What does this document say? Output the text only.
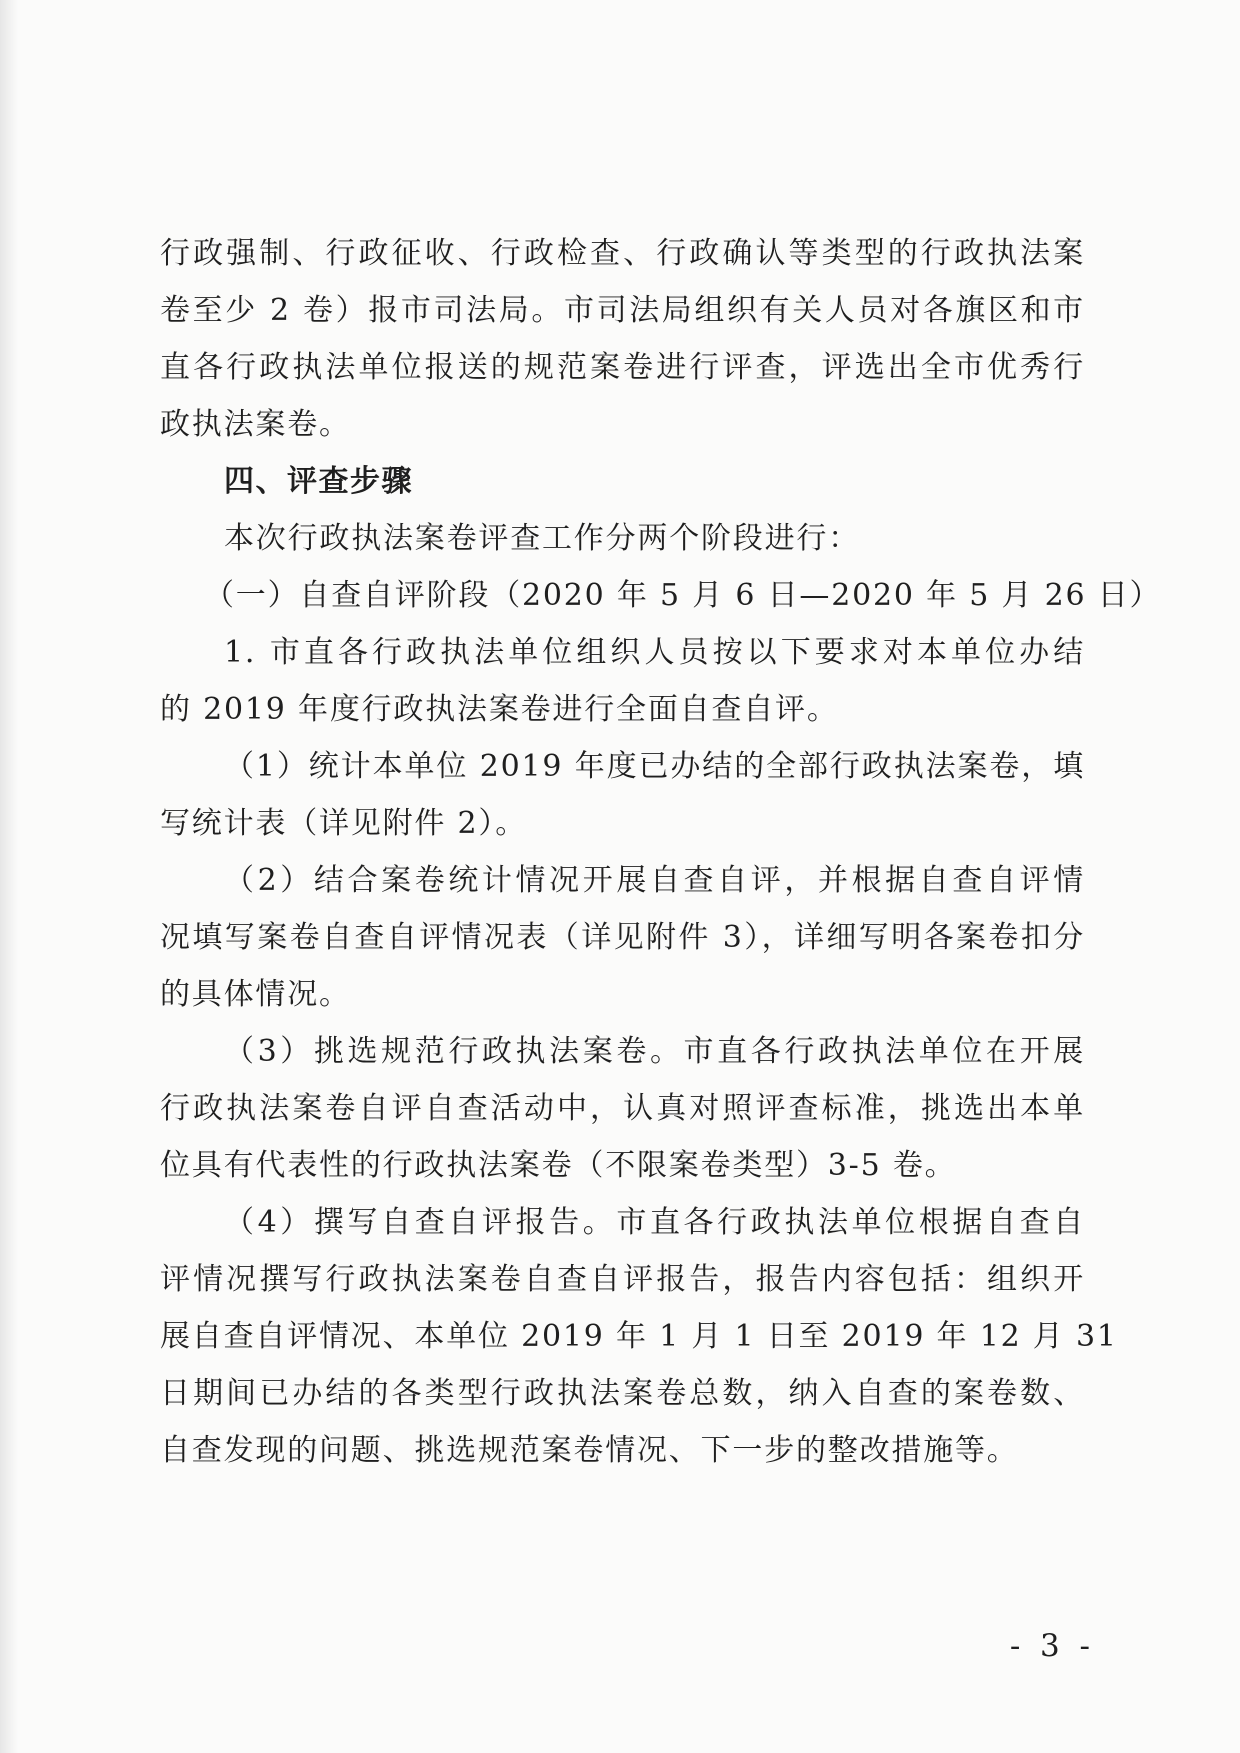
行政强制、行政征收、行政检查、行政确认等类型的行政执法案
卷至少 2 卷）报市司法局。市司法局组织有关人员对各旗区和市
直各行政执法单位报送的规范案卷进行评查，评选出全市优秀行
政执法案卷。
四、评查步骤
本次行政执法案卷评查工作分两个阶段进行：
（一）自查自评阶段（2020 年 5 月 6 日—2020 年 5 月 26 日）
1. 市直各行政执法单位组织人员按以下要求对本单位办结
的 2019 年度行政执法案卷进行全面自查自评。
（1）统计本单位 2019 年度已办结的全部行政执法案卷，填
写统计表（详见附件 2）。
（2）结合案卷统计情况开展自查自评，并根据自查自评情
况填写案卷自查自评情况表（详见附件 3），详细写明各案卷扣分
的具体情况。
（3）挑选规范行政执法案卷。市直各行政执法单位在开展
行政执法案卷自评自查活动中，认真对照评查标准，挑选出本单
位具有代表性的行政执法案卷（不限案卷类型）3-5 卷。
（4）撰写自查自评报告。市直各行政执法单位根据自查自
评情况撰写行政执法案卷自查自评报告，报告内容包括：组织开
展自查自评情况、本单位 2019 年 1 月 1 日至 2019 年 12 月 31
日期间已办结的各类型行政执法案卷总数，纳入自查的案卷数、
自查发现的问题、挑选规范案卷情况、下一步的整改措施等。
- 3 -
